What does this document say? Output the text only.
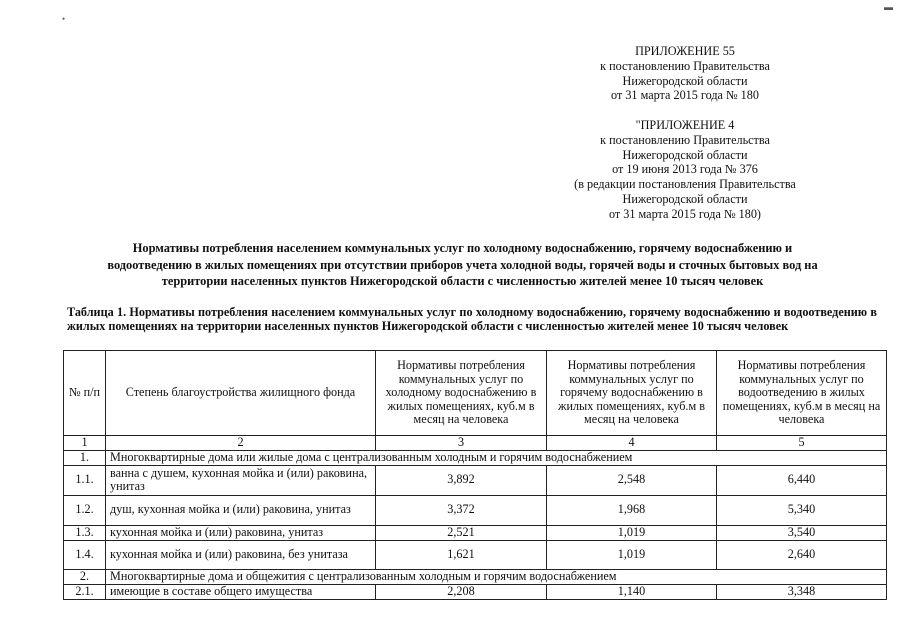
ПРИЛОЖЕНИЕ 55
к постановлению Правительства
Нижегородской области
от 31 марта 2015 года № 180
"ПРИЛОЖЕНИЕ 4
к постановлению Правительства
Нижегородской области
от 19 июня 2013 года № 376
(в редакции постановления Правительства
Нижегородской области
от 31 марта 2015 года № 180)
Нормативы потребления населением коммунальных услуг по холодному водоснабжению, горячему водоснабжению и
водоотведению в жилых помещениях при отсутствии приборов учета холодной воды, горячей воды и сточных бытовых вод на
территории населенных пунктов Нижегородской области с численностью жителей менее 10 тысяч человек
Таблица 1. Нормативы потребления населением коммунальных услуг по холодному водоснабжению, горячему водоснабжению и водоотведению в жилых помещениях на территории населенных пунктов Нижегородской области с численностью жителей менее 10 тысяч человек
№ п/п	Степень благоустройства жилищного фонда	Нормативы потребления коммунальных услуг по холодному водоснабжению в жилых помещениях, куб.м в месяц на человека	Нормативы потребления коммунальных услуг по горячему водоснабжению в жилых помещениях, куб.м в месяц на человека	Нормативы потребления коммунальных услуг по водоотведению в жилых помещениях, куб.м в месяц на человека
1	2	3	4	5
1.	Многоквартирные дома или жилые дома с централизованным холодным и горячим водоснабжением			
1.1.	ванна с душем, кухонная мойка и (или) раковина, унитаз	3,892	2,548	6,440
1.2.	душ, кухонная мойка и (или) раковина, унитаз	3,372	1,968	5,340
1.3.	кухонная мойка и (или) раковина, унитаз	2,521	1,019	3,540
1.4.	кухонная мойка и (или) раковина, без унитаза	1,621	1,019	2,640
2.	Многоквартирные дома и общежития с централизованным холодным и горячим водоснабжением			
2.1.	имеющие в составе общего имущества	2,208	1,140	3,348
•
▬
